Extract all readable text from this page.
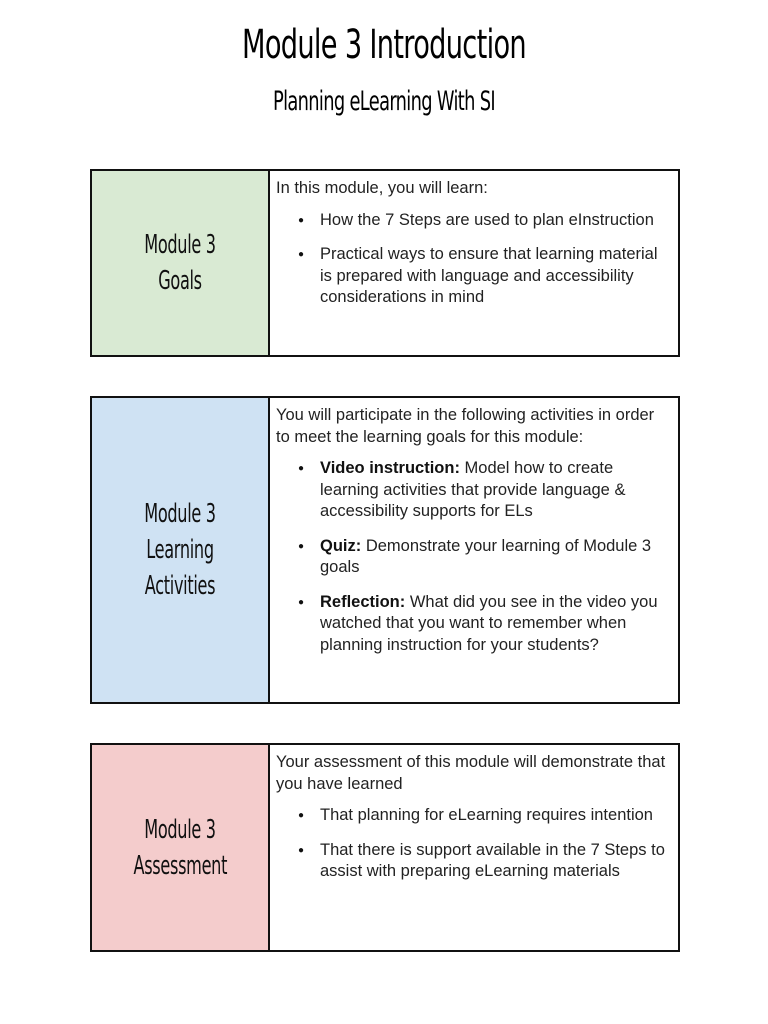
Module 3 Introduction
Planning eLearning With SI
Module 3 Goals

In this module, you will learn:

● How the 7 Steps are used to plan eInstruction
● Practical ways to ensure that learning material is prepared with language and accessibility considerations in mind
Module 3 Learning Activities

You will participate in the following activities in order to meet the learning goals for this module:

● Video instruction: Model how to create learning activities that provide language & accessibility supports for ELs
● Quiz: Demonstrate your learning of Module 3 goals
● Reflection: What did you see in the video you watched that you want to remember when planning instruction for your students?
Module 3 Assessment

Your assessment of this module will demonstrate that you have learned

● That planning for eLearning requires intention
● That there is support available in the 7 Steps to assist with preparing eLearning materials
